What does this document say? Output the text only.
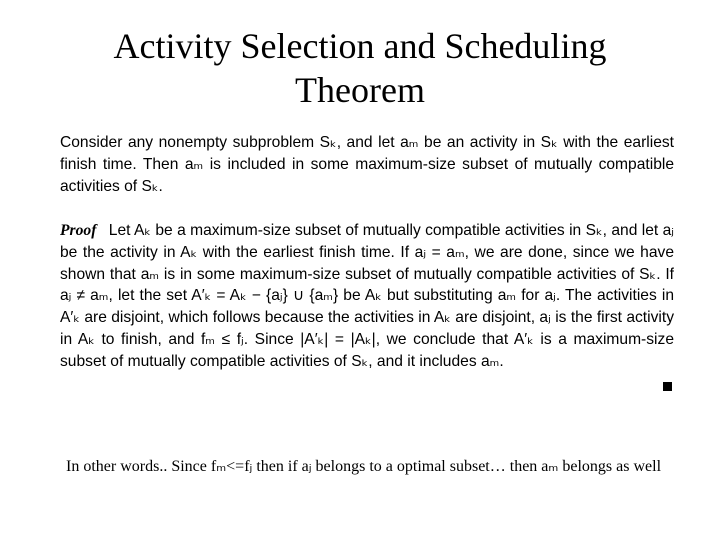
Activity Selection and Scheduling
Theorem

Consider any nonempty subproblem Sₖ, and let aₘ be an activity in Sₖ with the earliest finish time. Then aₘ is included in some maximum-size subset of mutually compatible activities of Sₖ.

Proof Let Aₖ be a maximum-size subset of mutually compatible activities in Sₖ, and let aⱼ be the activity in Aₖ with the earliest finish time. If aⱼ = aₘ, we are done, since we have shown that aₘ is in some maximum-size subset of mutually compatible activities of Sₖ. If aⱼ ≠ aₘ, let the set A′ₖ = Aₖ − {aⱼ} ∪ {aₘ} be Aₖ but substituting aₘ for aⱼ. The activities in A′ₖ are disjoint, which follows because the activities in Aₖ are disjoint, aⱼ is the first activity in Aₖ to finish, and fₘ ≤ fⱼ. Since |A′ₖ| = |Aₖ|, we conclude that A′ₖ is a maximum-size subset of mutually compatible activities of Sₖ, and it includes aₘ.

In other words.. Since fₘ<=fⱼ then if aⱼ belongs to a optimal subset… then aₘ belongs as well
